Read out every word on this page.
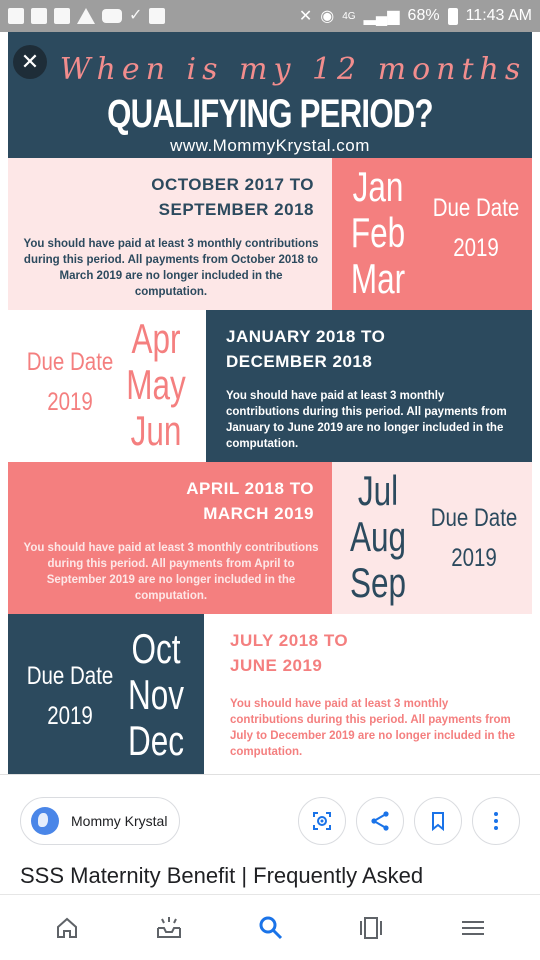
✓	✕ ◉ 4G ▂▄▆ 68% 11:43 AM
When is my 12 months
QUALIFYING PERIOD?
www.MommyKrystal.com
✕
OCTOBER 2017 TO
SEPTEMBER 2018
You should have paid at least 3 monthly contributions during this period. All payments from October 2018 to March 2019 are no longer included in the computation.
Jan
Feb
Mar
Due Date
2019
Due Date
2019
Apr
May
Jun
JANUARY 2018 TO
DECEMBER 2018
You should have paid at least 3 monthly contributions during this period. All payments from January to June 2019 are no longer included in the computation.
APRIL 2018 TO
MARCH 2019
You should have paid at least 3 monthly contributions during this period. All payments from April to September 2019 are no longer included in the computation.
Jul
Aug
Sep
Due Date
2019
Due Date
2019
Oct
Nov
Dec
JULY 2018 TO
JUNE 2019
You should have paid at least 3 monthly contributions during this period. All payments from July to December 2019 are no longer included in the computation.
Mommy Krystal
SSS Maternity Benefit | Frequently Asked
